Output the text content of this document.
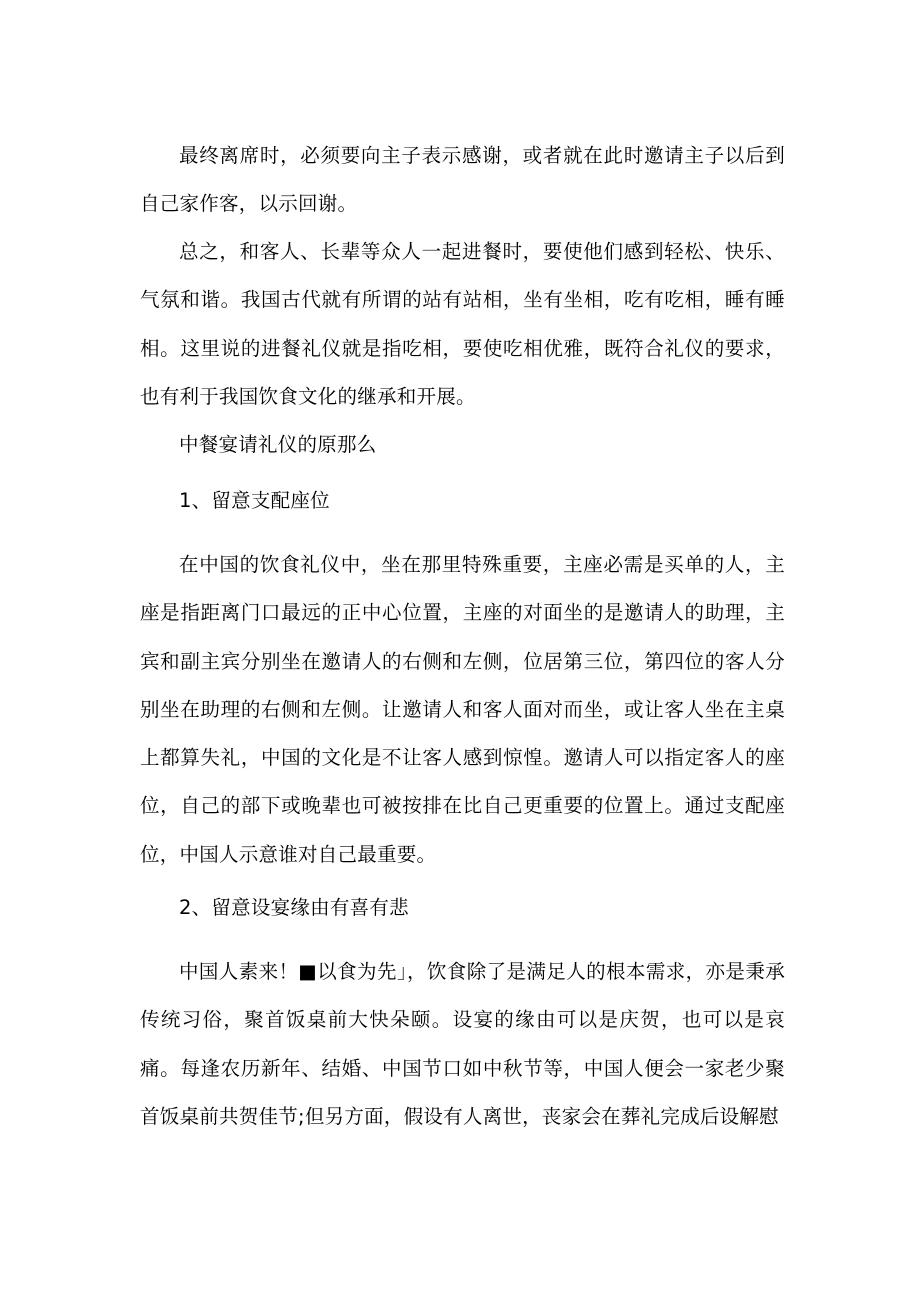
最终离席时，必须要向主子表示感谢，或者就在此时邀请主子以后到自己家作客，以示回谢。

总之，和客人、长辈等众人一起进餐时，要使他们感到轻松、快乐、气氛和谐。我国古代就有所谓的站有站相，坐有坐相，吃有吃相，睡有睡相。这里说的进餐礼仪就是指吃相，要使吃相优雅，既符合礼仪的要求，也有利于我国饮食文化的继承和开展。

中餐宴请礼仪的原那么

1、留意支配座位

在中国的饮食礼仪中，坐在那里特殊重要，主座必需是买单的人，主座是指距离门口最远的正中心位置，主座的对面坐的是邀请人的助理，主宾和副主宾分别坐在邀请人的右侧和左侧，位居第三位，第四位的客人分别坐在助理的右侧和左侧。让邀请人和客人面对而坐，或让客人坐在主桌上都算失礼，中国的文化是不让客人感到惊惶。邀请人可以指定客人的座位，自己的部下或晚辈也可被按排在比自己更重要的位置上。通过支配座位，中国人示意谁对自己最重要。

2、留意设宴缘由有喜有悲

中国人素来！■以食为先」，饮食除了是满足人的根本需求，亦是秉承传统习俗，聚首饭桌前大快朵颐。设宴的缘由可以是庆贺，也可以是哀痛。每逢农历新年、结婚、中国节口如中秋节等，中国人便会一家老少聚首饭桌前共贺佳节;但另方面，假设有人离世，丧家会在葬礼完成后设解慰
